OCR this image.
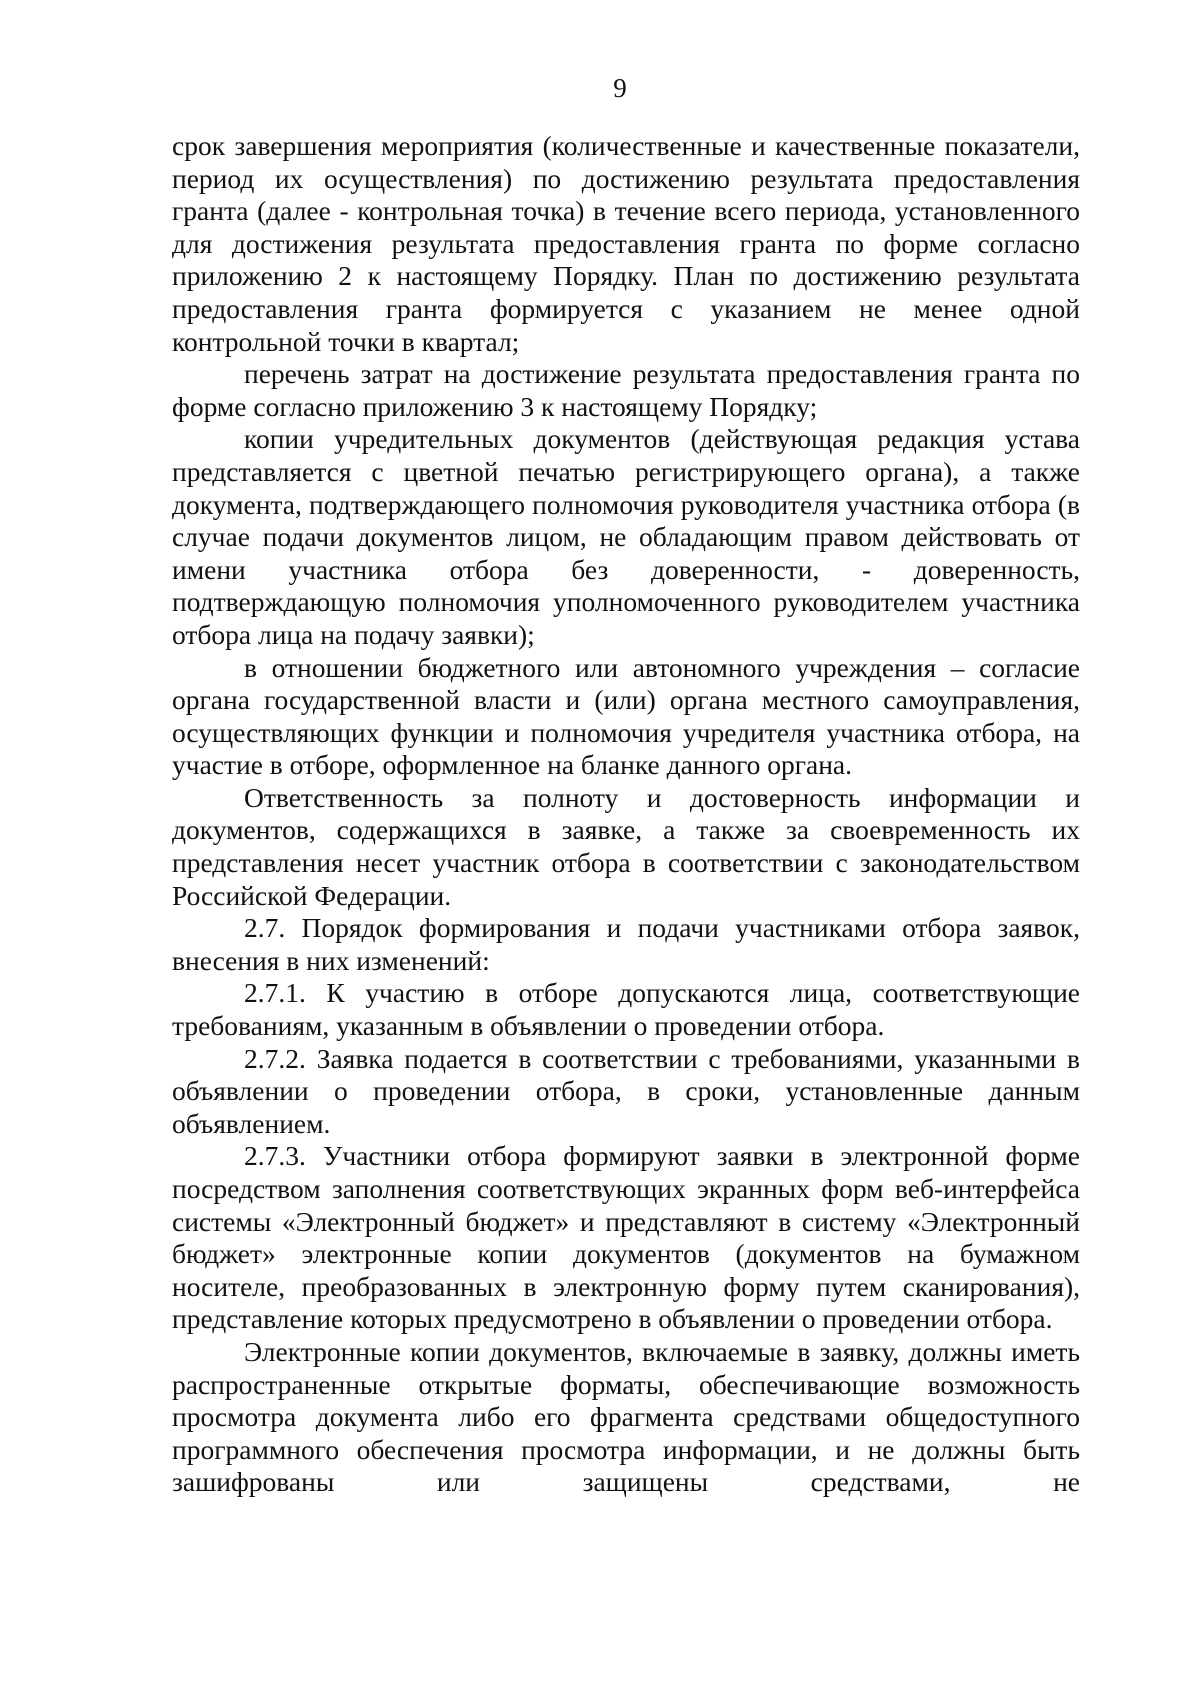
9

срок завершения мероприятия (количественные и качественные показатели, период их осуществления) по достижению результата предоставления гранта (далее - контрольная точка) в течение всего периода, установленного для достижения результата предоставления гранта по форме согласно приложению 2 к настоящему Порядку. План по достижению результата предоставления гранта формируется с указанием не менее одной контрольной точки в квартал;

перечень затрат на достижение результата предоставления гранта по форме согласно приложению 3 к настоящему Порядку;

копии учредительных документов (действующая редакция устава представляется с цветной печатью регистрирующего органа), а также документа, подтверждающего полномочия руководителя участника отбора (в случае подачи документов лицом, не обладающим правом действовать от имени участника отбора без доверенности, - доверенность, подтверждающую полномочия уполномоченного руководителем участника отбора лица на подачу заявки);

в отношении бюджетного или автономного учреждения – согласие органа государственной власти и (или) органа местного самоуправления, осуществляющих функции и полномочия учредителя участника отбора, на участие в отборе, оформленное на бланке данного органа.

Ответственность за полноту и достоверность информации и документов, содержащихся в заявке, а также за своевременность их представления несет участник отбора в соответствии с законодательством Российской Федерации.

2.7. Порядок формирования и подачи участниками отбора заявок, внесения в них изменений:

2.7.1. К участию в отборе допускаются лица, соответствующие требованиям, указанным в объявлении о проведении отбора.

2.7.2. Заявка подается в соответствии с требованиями, указанными в объявлении о проведении отбора, в сроки, установленные данным объявлением.

2.7.3. Участники отбора формируют заявки в электронной форме посредством заполнения соответствующих экранных форм веб-интерфейса системы «Электронный бюджет» и представляют в систему «Электронный бюджет» электронные копии документов (документов на бумажном носителе, преобразованных в электронную форму путем сканирования), представление которых предусмотрено в объявлении о проведении отбора.

Электронные копии документов, включаемые в заявку, должны иметь распространенные открытые форматы, обеспечивающие возможность просмотра документа либо его фрагмента средствами общедоступного программного обеспечения просмотра информации, и не должны быть зашифрованы или защищены средствами, не
